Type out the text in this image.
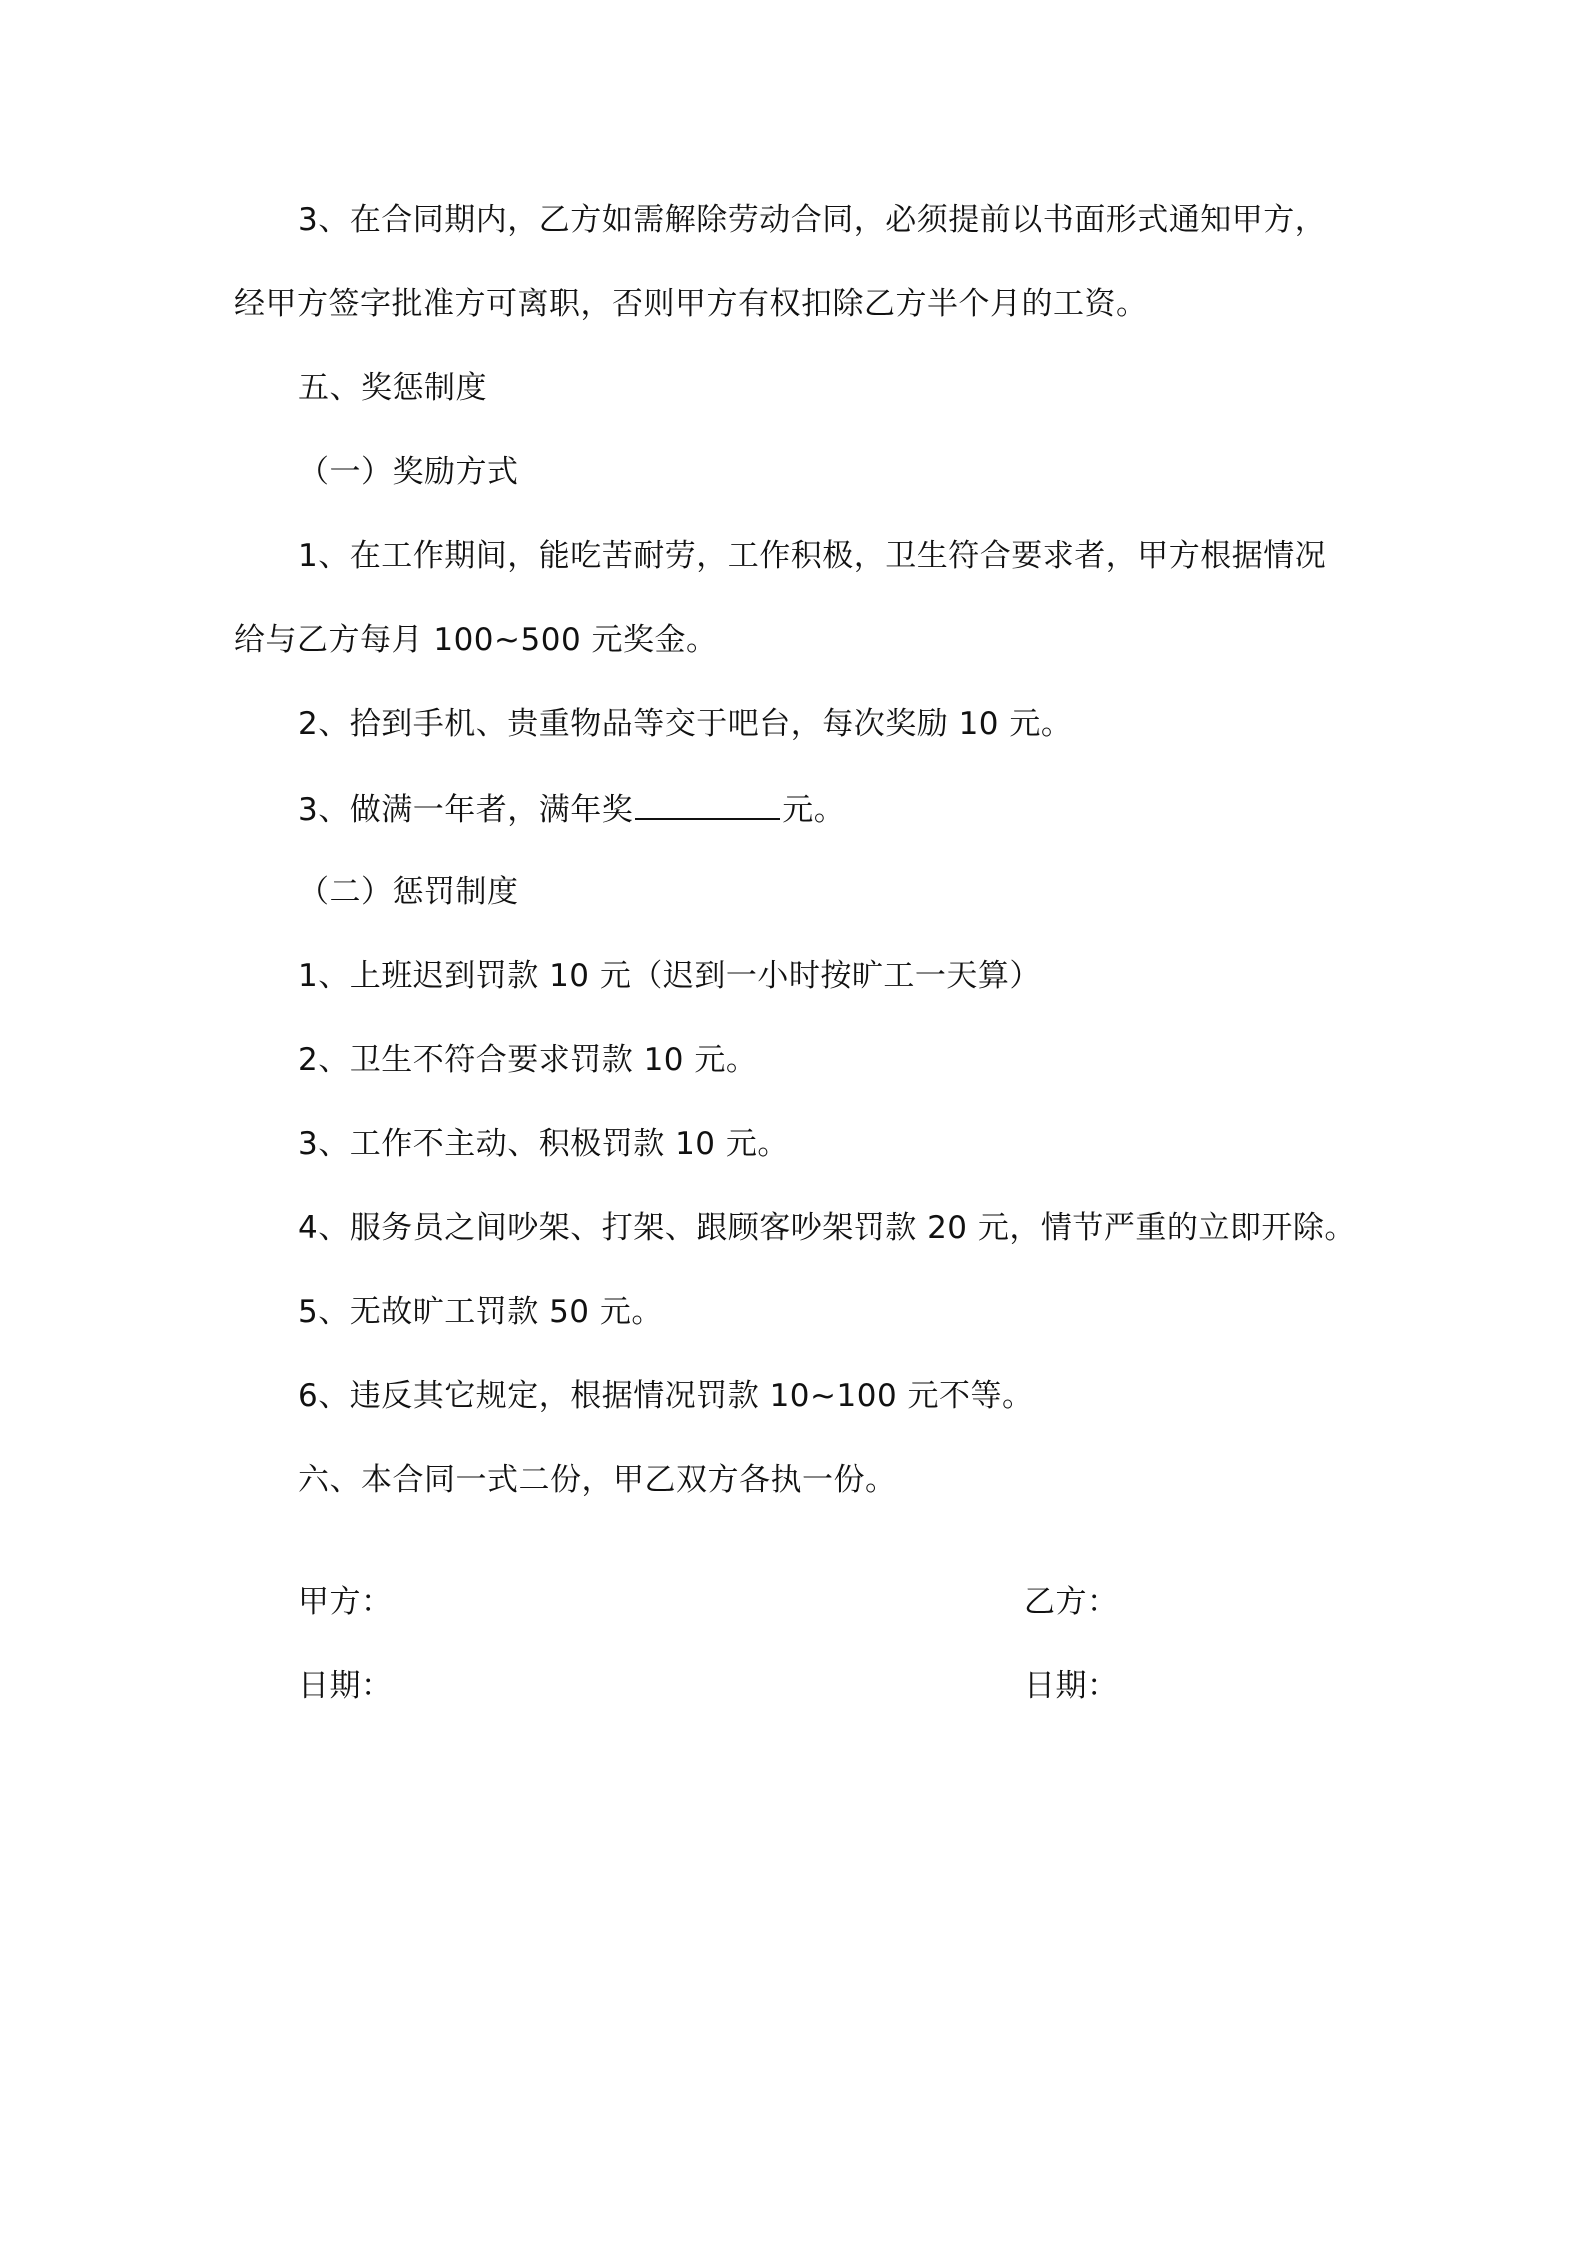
3、在合同期内，乙方如需解除劳动合同，必须提前以书面形式通知甲方，
经甲方签字批准方可离职，否则甲方有权扣除乙方半个月的工资。
五、奖惩制度
（一）奖励方式
1、在工作期间，能吃苦耐劳，工作积极，卫生符合要求者，甲方根据情况
给与乙方每月 100~500 元奖金。
2、拾到手机、贵重物品等交于吧台，每次奖励 10 元。
3、做满一年者，满年奖	元。
（二）惩罚制度
1、上班迟到罚款 10 元（迟到一小时按旷工一天算）
2、卫生不符合要求罚款 10 元。
3、工作不主动、积极罚款 10 元。
4、服务员之间吵架、打架、跟顾客吵架罚款 20 元，情节严重的立即开除。
5、无故旷工罚款 50 元。
6、违反其它规定，根据情况罚款 10~100 元不等。
六、本合同一式二份，甲乙双方各执一份。
甲方：	乙方：
日期：	日期：
